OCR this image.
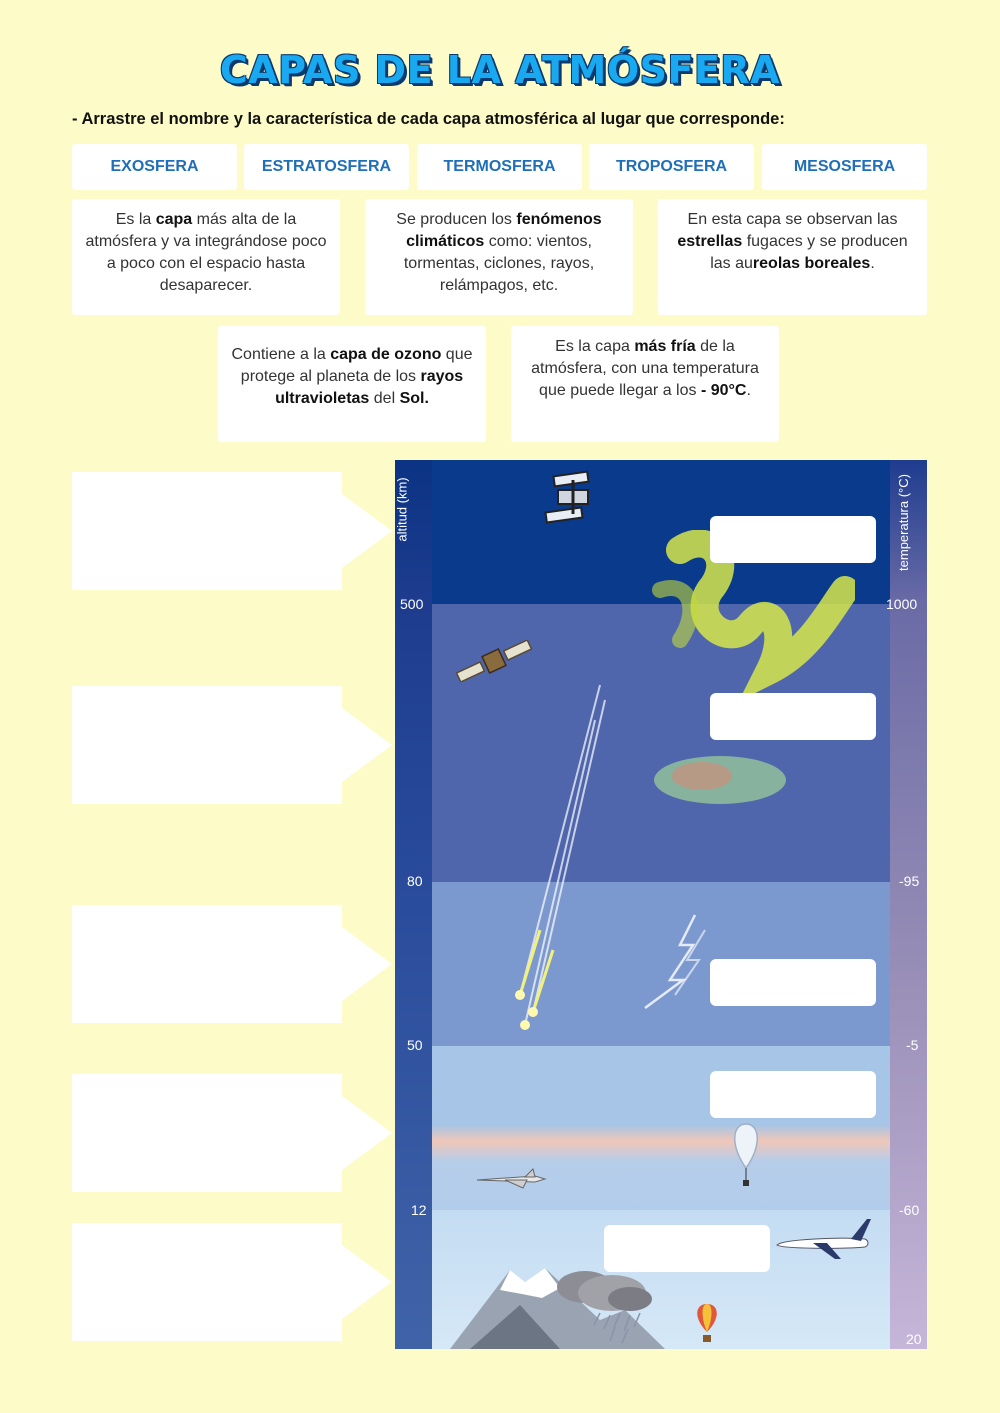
CAPAS DE LA ATMÓSFERA
- Arrastre el nombre y la característica de cada capa atmosférica al lugar que corresponde:
EXOSFERA	ESTRATOSFERA	TERMOSFERA	TROPOSFERA	MESOSFERA
Es la capa más alta de la atmósfera y va integrándose poco a poco con el espacio hasta desaparecer.
Se producen los fenómenos climáticos como: vientos, tormentas, ciclones, rayos, relámpagos, etc.
En esta capa se observan las estrellas fugaces y se producen las aureolas boreales.
Contiene a la capa de ozono que protege al planeta de los rayos ultravioletas del Sol.
Es la capa más fría de la atmósfera, con una temperatura que puede llegar a los - 90°C.
altitud (km)	temperatura (°C)
500
80
50
12
1000
-95
-5
-60
20
